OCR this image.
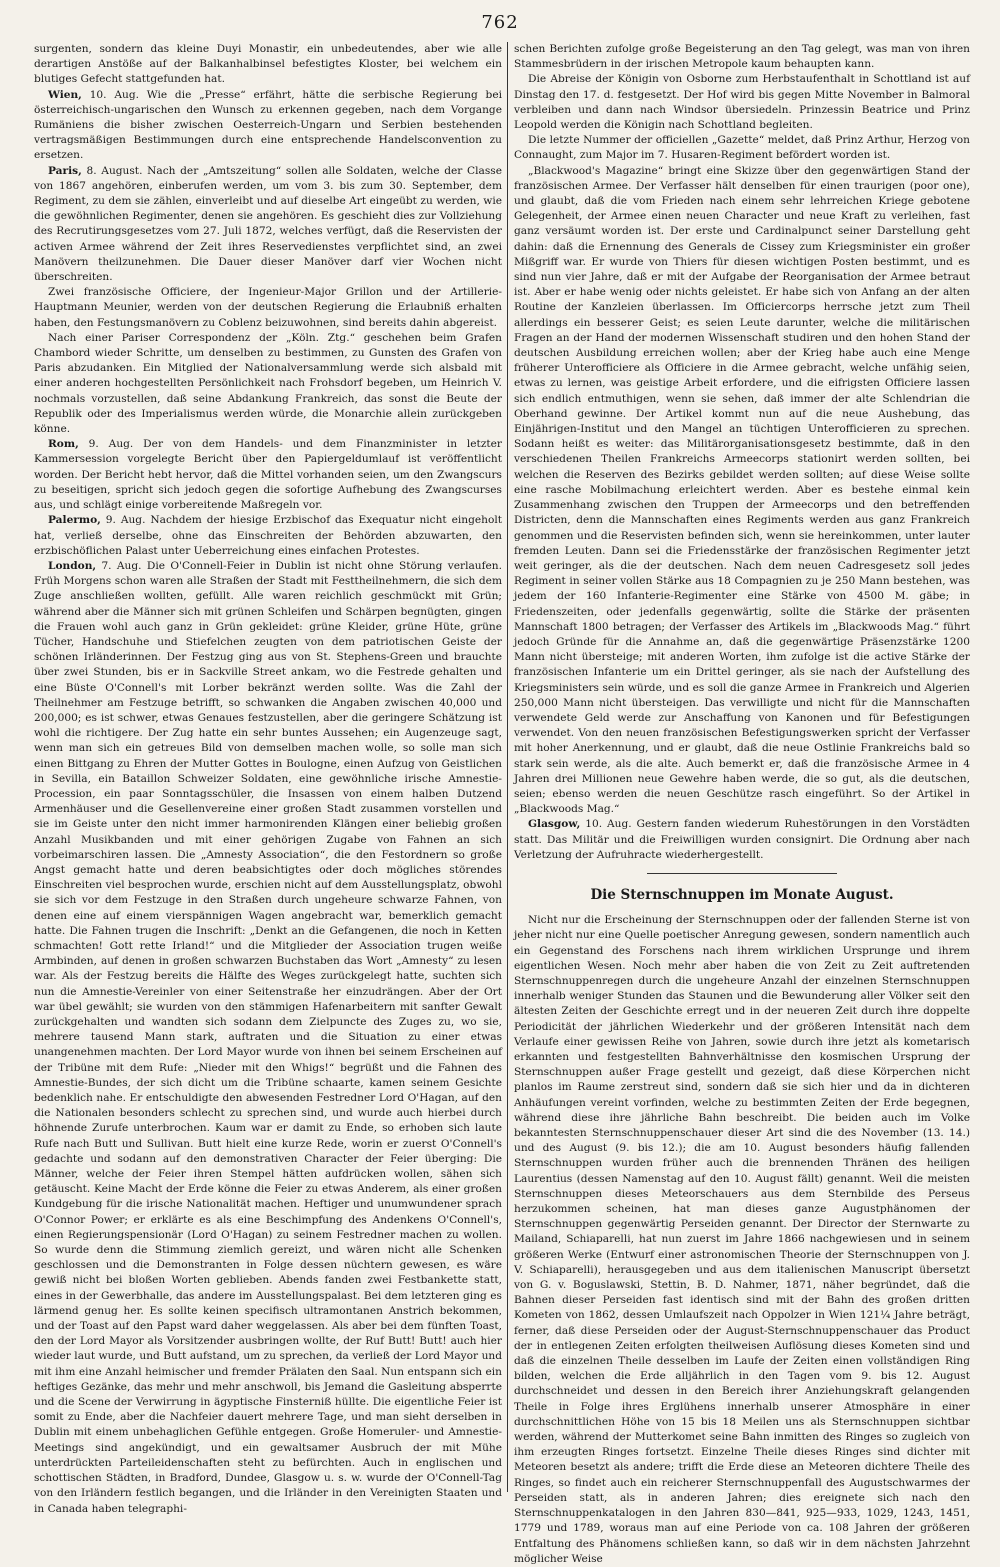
762

surgenten, sondern das kleine Duyi Monastir, ein unbedeutendes, aber wie alle derartigen Anstöße auf der Balkanhalbinsel befestigtes Kloster, bei welchem ein blutiges Gefecht stattgefunden hat.

Wien, 10. Aug. Wie die „Presse“ erfährt, hätte die serbische Regierung bei österreichisch-ungarischen den Wunsch zu erkennen gegeben, nach dem Vorgange Rumäniens die bisher zwischen Oesterreich-Ungarn und Serbien bestehenden vertragsmäßigen Bestimmungen durch eine entsprechende Handelsconvention zu ersetzen.

Paris, 8. August. Nach der „Amtszeitung“ sollen alle Soldaten, welche der Classe von 1867 angehören, einberufen werden, um vom 3. bis zum 30. September, dem Regiment, zu dem sie zählen, einverleibt und auf dieselbe Art eingeübt zu werden, wie die gewöhnlichen Regimenter, denen sie angehören. Es geschieht dies zur Vollziehung des Recrutirungsgesetzes vom 27. Juli 1872, welches verfügt, daß die Reservisten der activen Armee während der Zeit ihres Reservedienstes verpflichtet sind, an zwei Manövern theilzunehmen. Die Dauer dieser Manöver darf vier Wochen nicht überschreiten.

Zwei französische Officiere, der Ingenieur-Major Grillon und der Artillerie-Hauptmann Meunier, werden von der deutschen Regierung die Erlaubniß erhalten haben, den Festungsmanövern zu Coblenz beizuwohnen, sind bereits dahin abgereist.

Nach einer Pariser Correspondenz der „Köln. Ztg.“ geschehen beim Grafen Chambord wieder Schritte, um denselben zu bestimmen, zu Gunsten des Grafen von Paris abzudanken. Ein Mitglied der Nationalversammlung werde sich alsbald mit einer anderen hochgestellten Persönlichkeit nach Frohsdorf begeben, um Heinrich V. nochmals vorzustellen, daß seine Abdankung Frankreich, das sonst die Beute der Republik oder des Imperialismus werden würde, die Monarchie allein zurückgeben könne.

Rom, 9. Aug. Der von dem Handels- und dem Finanzminister in letzter Kammersession vorgelegte Bericht über den Papiergeldumlauf ist veröffentlicht worden. Der Bericht hebt hervor, daß die Mittel vorhanden seien, um den Zwangscurs zu beseitigen, spricht sich jedoch gegen die sofortige Aufhebung des Zwangscurses aus, und schlägt einige vorbereitende Maßregeln vor.

Palermo, 9. Aug. Nachdem der hiesige Erzbischof das Exequatur nicht eingeholt hat, verließ derselbe, ohne das Einschreiten der Behörden abzuwarten, den erzbischöflichen Palast unter Ueberreichung eines einfachen Protestes.

London, 7. Aug. Die O'Connell-Feier in Dublin ist nicht ohne Störung verlaufen. Früh Morgens schon waren alle Straßen der Stadt mit Festtheilnehmern, die sich dem Zuge anschließen wollten, gefüllt. Alle waren reichlich geschmückt mit Grün; während aber die Männer sich mit grünen Schleifen und Schärpen begnügten, gingen die Frauen wohl auch ganz in Grün gekleidet: grüne Kleider, grüne Hüte, grüne Tücher, Handschuhe und Stiefelchen zeugten von dem patriotischen Geiste der schönen Irländerinnen. Der Festzug ging aus von St. Stephens-Green und brauchte über zwei Stunden, bis er in Sackville Street ankam, wo die Festrede gehalten und eine Büste O'Connell's mit Lorber bekränzt werden sollte. Was die Zahl der Theilnehmer am Festzuge betrifft, so schwanken die Angaben zwischen 40,000 und 200,000; es ist schwer, etwas Genaues festzustellen, aber die geringere Schätzung ist wohl die richtigere. Der Zug hatte ein sehr buntes Aussehen; ein Augenzeuge sagt, wenn man sich ein getreues Bild von demselben machen wolle, so solle man sich einen Bittgang zu Ehren der Mutter Gottes in Boulogne, einen Aufzug von Geistlichen in Sevilla, ein Bataillon Schweizer Soldaten, eine gewöhnliche irische Amnestie-Procession, ein paar Sonntagsschüler, die Insassen von einem halben Dutzend Armenhäuser und die Gesellenvereine einer großen Stadt zusammen vorstellen und sie im Geiste unter den nicht immer harmonirenden Klängen einer beliebig großen Anzahl Musikbanden und mit einer gehörigen Zugabe von Fahnen an sich vorbeimarschiren lassen. Die „Amnesty Association“, die den Festordnern so große Angst gemacht hatte und deren beabsichtigtes oder doch mögliches störendes Einschreiten viel besprochen wurde, erschien nicht auf dem Ausstellungsplatz, obwohl sie sich vor dem Festzuge in den Straßen durch ungeheure schwarze Fahnen, von denen eine auf einem vierspännigen Wagen angebracht war, bemerklich gemacht hatte. Die Fahnen trugen die Inschrift: „Denkt an die Gefangenen, die noch in Ketten schmachten! Gott rette Irland!“ und die Mitglieder der Association trugen weiße Armbinden, auf denen in großen schwarzen Buchstaben das Wort „Amnesty“ zu lesen war. Als der Festzug bereits die Hälfte des Weges zurückgelegt hatte, suchten sich nun die Amnestie-Vereinler von einer Seitenstraße her einzudrängen. Aber der Ort war übel gewählt; sie wurden von den stämmigen Hafenarbeitern mit sanfter Gewalt zurückgehalten und wandten sich sodann dem Zielpuncte des Zuges zu, wo sie, mehrere tausend Mann stark, auftraten und die Situation zu einer etwas unangenehmen machten. Der Lord Mayor wurde von ihnen bei seinem Erscheinen auf der Tribüne mit dem Rufe: „Nieder mit den Whigs!“ begrüßt und die Fahnen des Amnestie-Bundes, der sich dicht um die Tribüne schaarte, kamen seinem Gesichte bedenklich nahe. Er entschuldigte den abwesenden Festredner Lord O'Hagan, auf den die Nationalen besonders schlecht zu sprechen sind, und wurde auch hierbei durch höhnende Zurufe unterbrochen. Kaum war er damit zu Ende, so erhoben sich laute Rufe nach Butt und Sullivan. Butt hielt eine kurze Rede, worin er zuerst O'Connell's gedachte und sodann auf den demonstrativen Character der Feier überging: Die Männer, welche der Feier ihren Stempel hätten aufdrücken wollen, sähen sich getäuscht. Keine Macht der Erde könne die Feier zu etwas Anderem, als einer großen Kundgebung für die irische Nationalität machen. Heftiger und unumwundener sprach O'Connor Power; er erklärte es als eine Beschimpfung des Andenkens O'Connell's, einen Regierungspensionär (Lord O'Hagan) zu seinem Festredner machen zu wollen. So wurde denn die Stimmung ziemlich gereizt, und wären nicht alle Schenken geschlossen und die Demonstranten in Folge dessen nüchtern gewesen, es wäre gewiß nicht bei bloßen Worten geblieben. Abends fanden zwei Festbankette statt, eines in der Gewerbhalle, das andere im Ausstellungspalast. Bei dem letzteren ging es lärmend genug her. Es sollte keinen specifisch ultramontanen Anstrich bekommen, und der Toast auf den Papst ward daher weggelassen. Als aber bei dem fünften Toast, den der Lord Mayor als Vorsitzender ausbringen wollte, der Ruf Butt! Butt! auch hier wieder laut wurde, und Butt aufstand, um zu sprechen, da verließ der Lord Mayor und mit ihm eine Anzahl heimischer und fremder Prälaten den Saal. Nun entspann sich ein heftiges Gezänke, das mehr und mehr anschwoll, bis Jemand die Gasleitung absperrte und die Scene der Verwirrung in ägyptische Finsterniß hüllte. Die eigentliche Feier ist somit zu Ende, aber die Nachfeier dauert mehrere Tage, und man sieht derselben in Dublin mit einem unbehaglichen Gefühle entgegen. Große Homeruler- und Amnestie-Meetings sind angekündigt, und ein gewaltsamer Ausbruch der mit Mühe unterdrückten Parteileidenschaften steht zu befürchten. Auch in englischen und schottischen Städten, in Bradford, Dundee, Glasgow u. s. w. wurde der O'Connell-Tag von den Irländern festlich begangen, und die Irländer in den Vereinigten Staaten und in Canada haben telegraphi-

schen Berichten zufolge große Begeisterung an den Tag gelegt, was man von ihren Stammesbrüdern in der irischen Metropole kaum behaupten kann.

Die Abreise der Königin von Osborne zum Herbstaufenthalt in Schottland ist auf Dinstag den 17. d. festgesetzt. Der Hof wird bis gegen Mitte November in Balmoral verbleiben und dann nach Windsor übersiedeln. Prinzessin Beatrice und Prinz Leopold werden die Königin nach Schottland begleiten.

Die letzte Nummer der officiellen „Gazette“ meldet, daß Prinz Arthur, Herzog von Connaught, zum Major im 7. Husaren-Regiment befördert worden ist.

„Blackwood's Magazine“ bringt eine Skizze über den gegenwärtigen Stand der französischen Armee. Der Verfasser hält denselben für einen traurigen (poor one), und glaubt, daß die vom Frieden nach einem sehr lehrreichen Kriege gebotene Gelegenheit, der Armee einen neuen Character und neue Kraft zu verleihen, fast ganz versäumt worden ist. Der erste und Cardinalpunct seiner Darstellung geht dahin: daß die Ernennung des Generals de Cissey zum Kriegsminister ein großer Mißgriff war. Er wurde von Thiers für diesen wichtigen Posten bestimmt, und es sind nun vier Jahre, daß er mit der Aufgabe der Reorganisation der Armee betraut ist. Aber er habe wenig oder nichts geleistet. Er habe sich von Anfang an der alten Routine der Kanzleien überlassen. Im Officiercorps herrsche jetzt zum Theil allerdings ein besserer Geist; es seien Leute darunter, welche die militärischen Fragen an der Hand der modernen Wissenschaft studiren und den hohen Stand der deutschen Ausbildung erreichen wollen; aber der Krieg habe auch eine Menge früherer Unterofficiere als Officiere in die Armee gebracht, welche unfähig seien, etwas zu lernen, was geistige Arbeit erfordere, und die eifrigsten Officiere lassen sich endlich entmuthigen, wenn sie sehen, daß immer der alte Schlendrian die Oberhand gewinne. Der Artikel kommt nun auf die neue Aushebung, das Einjährigen-Institut und den Mangel an tüchtigen Unterofficieren zu sprechen. Sodann heißt es weiter: das Militärorganisationsgesetz bestimmte, daß in den verschiedenen Theilen Frankreichs Armeecorps stationirt werden sollten, bei welchen die Reserven des Bezirks gebildet werden sollten; auf diese Weise sollte eine rasche Mobilmachung erleichtert werden. Aber es bestehe einmal kein Zusammenhang zwischen den Truppen der Armeecorps und den betreffenden Districten, denn die Mannschaften eines Regiments werden aus ganz Frankreich genommen und die Reservisten befinden sich, wenn sie hereinkommen, unter lauter fremden Leuten. Dann sei die Friedensstärke der französischen Regimenter jetzt weit geringer, als die der deutschen. Nach dem neuen Cadresgesetz soll jedes Regiment in seiner vollen Stärke aus 18 Compagnien zu je 250 Mann bestehen, was jedem der 160 Infanterie-Regimenter eine Stärke von 4500 M. gäbe; in Friedenszeiten, oder jedenfalls gegenwärtig, sollte die Stärke der präsenten Mannschaft 1800 betragen; der Verfasser des Artikels im „Blackwoods Mag.“ führt jedoch Gründe für die Annahme an, daß die gegenwärtige Präsenzstärke 1200 Mann nicht übersteige; mit anderen Worten, ihm zufolge ist die active Stärke der französischen Infanterie um ein Drittel geringer, als sie nach der Aufstellung des Kriegsministers sein würde, und es soll die ganze Armee in Frankreich und Algerien 250,000 Mann nicht übersteigen. Das verwilligte und nicht für die Mannschaften verwendete Geld werde zur Anschaffung von Kanonen und für Befestigungen verwendet. Von den neuen französischen Befestigungswerken spricht der Verfasser mit hoher Anerkennung, und er glaubt, daß die neue Ostlinie Frankreichs bald so stark sein werde, als die alte. Auch bemerkt er, daß die französische Armee in 4 Jahren drei Millionen neue Gewehre haben werde, die so gut, als die deutschen, seien; ebenso werden die neuen Geschütze rasch eingeführt. So der Artikel in „Blackwoods Mag.“

Glasgow, 10. Aug. Gestern fanden wiederum Ruhestörungen in den Vorstädten statt. Das Militär und die Freiwilligen wurden consignirt. Die Ordnung aber nach Verletzung der Aufruhracte wiederhergestellt.

Die Sternschnuppen im Monate August.

Nicht nur die Erscheinung der Sternschnuppen oder der fallenden Sterne ist von jeher nicht nur eine Quelle poetischer Anregung gewesen, sondern namentlich auch ein Gegenstand des Forschens nach ihrem wirklichen Ursprunge und ihrem eigentlichen Wesen. Noch mehr aber haben die von Zeit zu Zeit auftretenden Sternschnuppenregen durch die ungeheure Anzahl der einzelnen Sternschnuppen innerhalb weniger Stunden das Staunen und die Bewunderung aller Völker seit den ältesten Zeiten der Geschichte erregt und in der neueren Zeit durch ihre doppelte Periodicität der jährlichen Wiederkehr und der größeren Intensität nach dem Verlaufe einer gewissen Reihe von Jahren, sowie durch ihre jetzt als kometarisch erkannten und festgestellten Bahnverhältnisse den kosmischen Ursprung der Sternschnuppen außer Frage gestellt und gezeigt, daß diese Körperchen nicht planlos im Raume zerstreut sind, sondern daß sie sich hier und da in dichteren Anhäufungen vereint vorfinden, welche zu bestimmten Zeiten der Erde begegnen, während diese ihre jährliche Bahn beschreibt. Die beiden auch im Volke bekanntesten Sternschnuppenschauer dieser Art sind die des November (13. 14.) und des August (9. bis 12.); die am 10. August besonders häufig fallenden Sternschnuppen wurden früher auch die brennenden Thränen des heiligen Laurentius (dessen Namenstag auf den 10. August fällt) genannt. Weil die meisten Sternschnuppen dieses Meteorschauers aus dem Sternbilde des Perseus herzukommen scheinen, hat man dieses ganze Augustphänomen der Sternschnuppen gegenwärtig Perseiden genannt. Der Director der Sternwarte zu Mailand, Schiaparelli, hat nun zuerst im Jahre 1866 nachgewiesen und in seinem größeren Werke (Entwurf einer astronomischen Theorie der Sternschnuppen von J. V. Schiaparelli), herausgegeben und aus dem italienischen Manuscript übersetzt von G. v. Boguslawski, Stettin, B. D. Nahmer, 1871, näher begründet, daß die Bahnen dieser Perseiden fast identisch sind mit der Bahn des großen dritten Kometen von 1862, dessen Umlaufszeit nach Oppolzer in Wien 121¼ Jahre beträgt, ferner, daß diese Perseiden oder der August-Sternschnuppenschauer das Product der in entlegenen Zeiten erfolgten theilweisen Auflösung dieses Kometen sind und daß die einzelnen Theile desselben im Laufe der Zeiten einen vollständigen Ring bilden, welchen die Erde alljährlich in den Tagen vom 9. bis 12. August durchschneidet und dessen in den Bereich ihrer Anziehungskraft gelangenden Theile in Folge ihres Erglühens innerhalb unserer Atmosphäre in einer durchschnittlichen Höhe von 15 bis 18 Meilen uns als Sternschnuppen sichtbar werden, während der Mutterkomet seine Bahn inmitten des Ringes so zugleich von ihm erzeugten Ringes fortsetzt. Einzelne Theile dieses Ringes sind dichter mit Meteoren besetzt als andere; trifft die Erde diese an Meteoren dichtere Theile des Ringes, so findet auch ein reicherer Sternschnuppenfall des Augustschwarmes der Perseiden statt, als in anderen Jahren; dies ereignete sich nach den Sternschnuppenkatalogen in den Jahren 830—841, 925—933, 1029, 1243, 1451, 1779 und 1789, woraus man auf eine Periode von ca. 108 Jahren der größeren Entfaltung des Phänomens schließen kann, so daß wir in dem nächsten Jahrzehnt möglicher Weise
